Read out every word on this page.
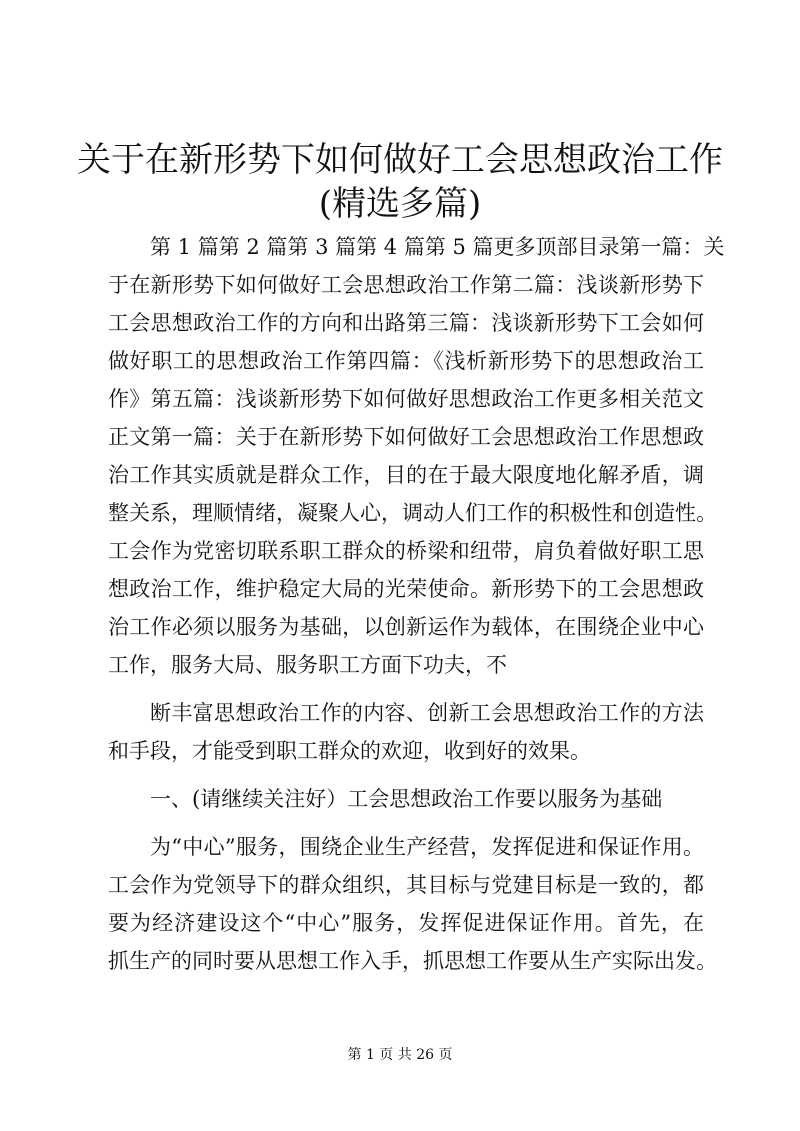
关于在新形势下如何做好工会思想政治工作
(精选多篇)

第 1 篇第 2 篇第 3 篇第 4 篇第 5 篇更多顶部目录第一篇：关

于在新形势下如何做好工会思想政治工作第二篇：浅谈新形势下

工会思想政治工作的方向和出路第三篇：浅谈新形势下工会如何

做好职工的思想政治工作第四篇：《浅析新形势下的思想政治工

作》第五篇：浅谈新形势下如何做好思想政治工作更多相关范文

正文第一篇：关于在新形势下如何做好工会思想政治工作思想政

治工作其实质就是群众工作，目的在于最大限度地化解矛盾，调

整关系，理顺情绪，凝聚人心，调动人们工作的积极性和创造性。

工会作为党密切联系职工群众的桥梁和纽带，肩负着做好职工思

想政治工作，维护稳定大局的光荣使命。新形势下的工会思想政

治工作必须以服务为基础，以创新运作为载体，在围绕企业中心

工作，服务大局、服务职工方面下功夫，不

断丰富思想政治工作的内容、创新工会思想政治工作的方法

和手段，才能受到职工群众的欢迎，收到好的效果。

一、(请继续关注好）工会思想政治工作要以服务为基础

为“中心”服务，围绕企业生产经营，发挥促进和保证作用。

工会作为党领导下的群众组织，其目标与党建目标是一致的，都

要为经济建设这个“中心”服务，发挥促进保证作用。首先，在

抓生产的同时要从思想工作入手，抓思想工作要从生产实际出发。

第 1 页 共 26 页
